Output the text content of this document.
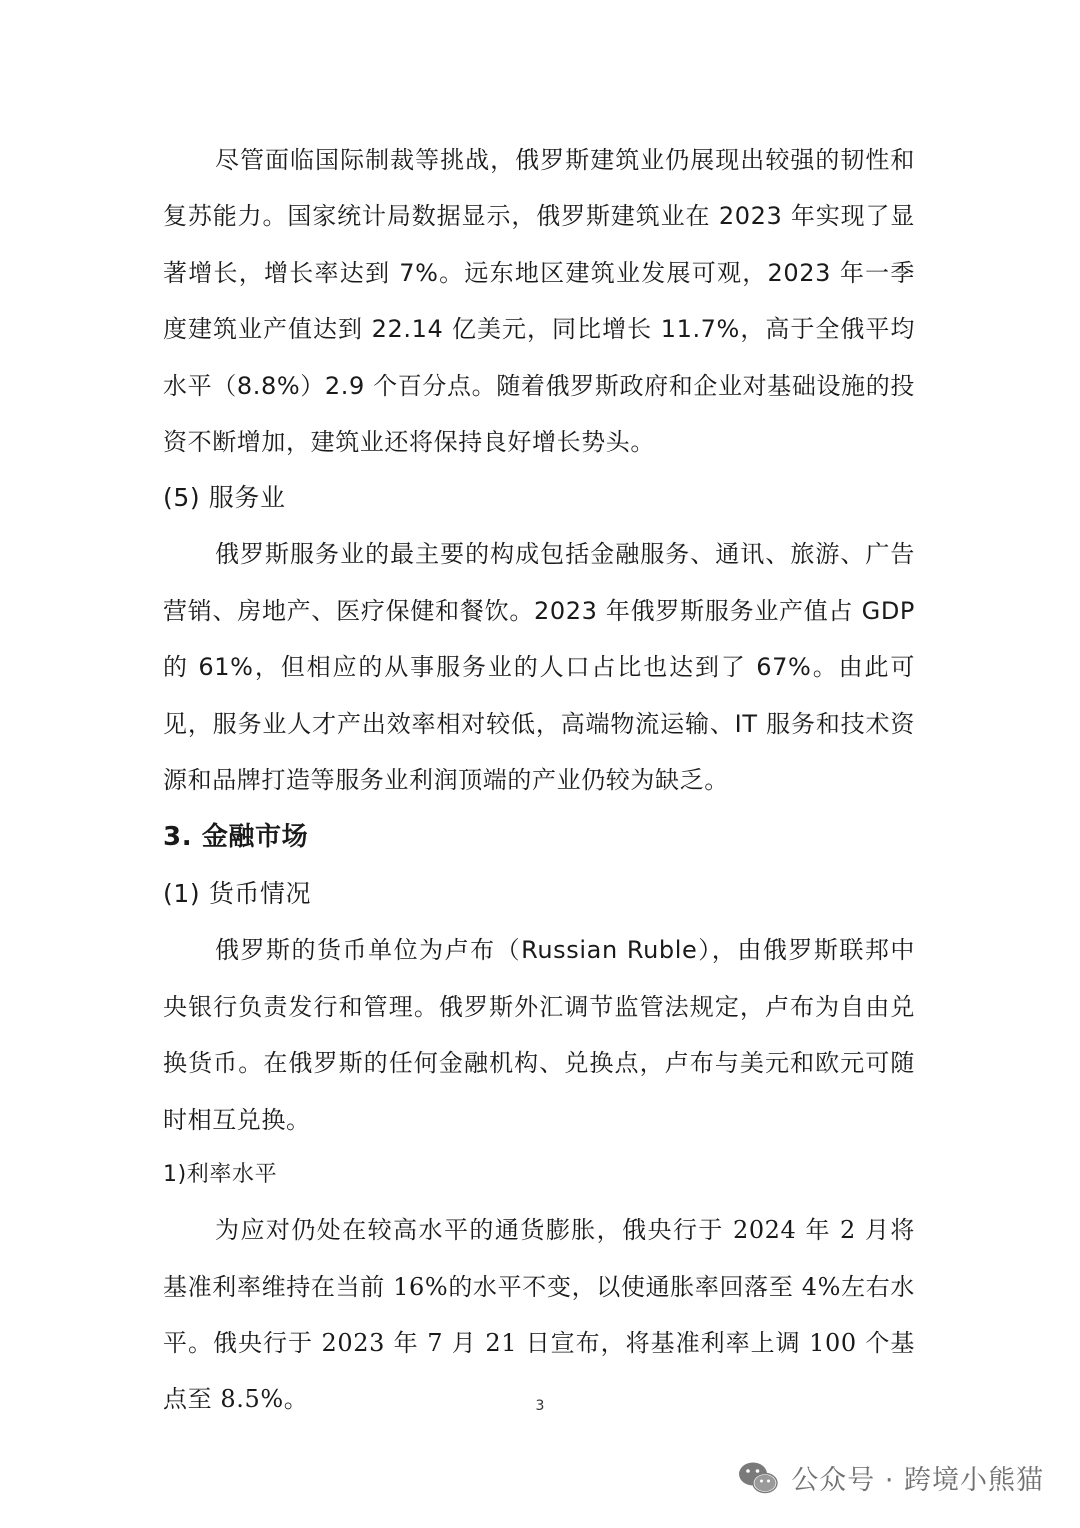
尽管面临国际制裁等挑战，俄罗斯建筑业仍展现出较强的韧性和复苏能力。国家统计局数据显示，俄罗斯建筑业在 2023 年实现了显著增长，增长率达到 7%。远东地区建筑业发展可观，2023 年一季度建筑业产值达到 22.14 亿美元，同比增长 11.7%，高于全俄平均水平（8.8%）2.9 个百分点。随着俄罗斯政府和企业对基础设施的投资不断增加，建筑业还将保持良好增长势头。

(5) 服务业

俄罗斯服务业的最主要的构成包括金融服务、通讯、旅游、广告营销、房地产、医疗保健和餐饮。2023 年俄罗斯服务业产值占 GDP 的 61%，但相应的从事服务业的人口占比也达到了 67%。由此可见，服务业人才产出效率相对较低，高端物流运输、IT 服务和技术资源和品牌打造等服务业利润顶端的产业仍较为缺乏。

3. 金融市场

(1) 货币情况

俄罗斯的货币单位为卢布（Russian Ruble），由俄罗斯联邦中央银行负责发行和管理。俄罗斯外汇调节监管法规定，卢布为自由兑换货币。在俄罗斯的任何金融机构、兑换点，卢布与美元和欧元可随时相互兑换。

1)利率水平

为应对仍处在较高水平的通货膨胀，俄央行于 2024 年 2 月将基准利率维持在当前 16%的水平不变，以使通胀率回落至 4%左右水平。俄央行于 2023 年 7 月 21 日宣布，将基准利率上调 100 个基点至 8.5%。	3
公众号 · 跨境小熊猫
